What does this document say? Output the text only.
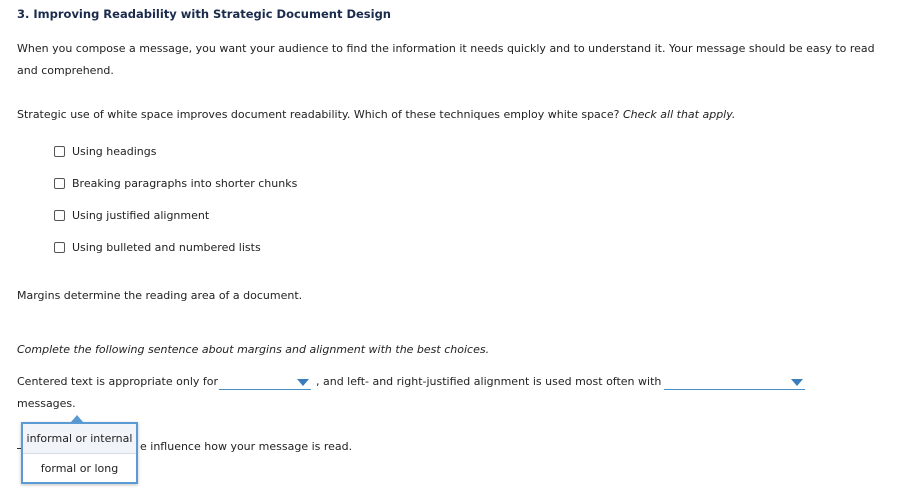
3. Improving Readability with Strategic Document Design
When you compose a message, you want your audience to find the information it needs quickly and to understand it. Your message should be easy to read and comprehend.
Strategic use of white space improves document readability. Which of these techniques employ white space? Check all that apply.
Using headings
Breaking paragraphs into shorter chunks
Using justified alignment
Using bulleted and numbered lists
Margins determine the reading area of a document.
Complete the following sentence about margins and alignment with the best choices.
Centered text is appropriate only for	, and left- and right-justified alignment is used most often with
messages.
informal or internal
formal or long
e influence how your message is read.
